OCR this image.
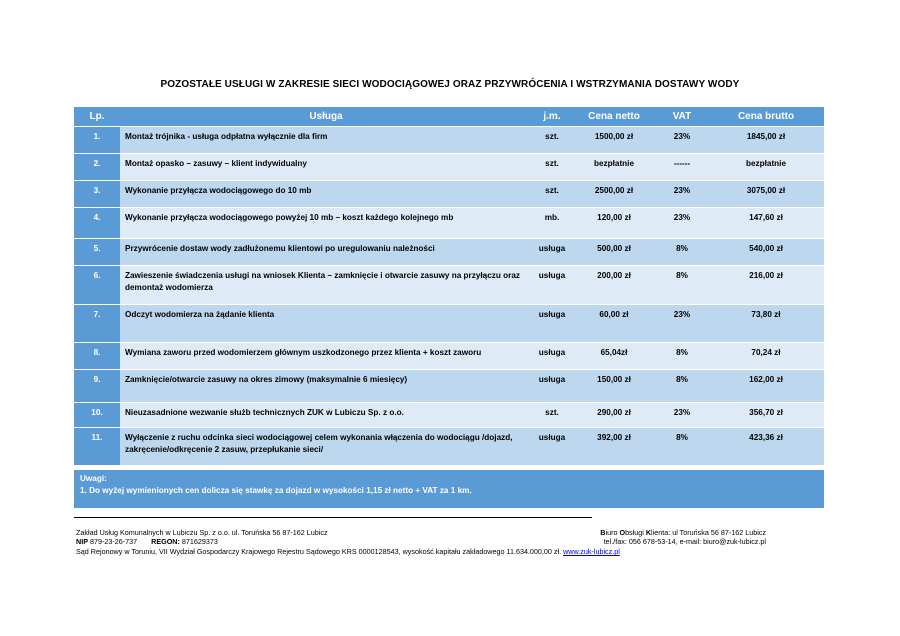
POZOSTAŁE USŁUGI W ZAKRESIE SIECI WODOCIĄGOWEJ ORAZ PRZYWRÓCENIA I WSTRZYMANIA DOSTAWY WODY
Lp.	Usługa	j.m.	Cena netto	VAT	Cena brutto
1.	Montaż trójnika - usługa odpłatna wyłącznie dla firm	szt.	1500,00 zł	23%	1845,00 zł
2.	Montaż opasko – zasuwy – klient indywidualny	szt.	bezpłatnie	------	bezpłatnie
3.	Wykonanie przyłącza wodociągowego do 10 mb	szt.	2500,00 zł	23%	3075,00 zł
4.	Wykonanie przyłącza wodociągowego powyżej 10 mb – koszt każdego kolejnego mb	mb.	120,00 zł	23%	147,60 zł
5.	Przywrócenie dostaw wody zadłużonemu klientowi po uregulowaniu należności	usługa	500,00 zł	8%	540,00 zł
6.	Zawieszenie świadczenia usługi na wniosek Klienta – zamknięcie i otwarcie zasuwy na przyłączu oraz demontaż wodomierza	usługa	200,00 zł	8%	216,00 zł
7.	Odczyt wodomierza na żądanie klienta	usługa	60,00 zł	23%	73,80 zł
8.	Wymiana zaworu przed wodomierzem głównym uszkodzonego przez klienta + koszt zaworu	usługa	65,04zł	8%	70,24 zł
9.	Zamknięcie/otwarcie zasuwy na okres zimowy (maksymalnie 6 miesięcy)	usługa	150,00 zł	8%	162,00 zł
10.	Nieuzasadnione wezwanie służb technicznych ZUK w Lubiczu Sp. z o.o.	szt.	290,00 zł	23%	356,70 zł
11.	Wyłączenie z ruchu odcinka sieci wodociągowej celem wykonania włączenia do wodociągu /dojazd, zakręcenie/odkręcenie 2 zasuw, przepłukanie sieci/	usługa	392,00 zł	8%	423,36 zł
Uwagi:
1. Do wyżej wymienionych cen dolicza się stawkę za dojazd w wysokości 1,15 zł netto + VAT za 1 km.
Zakład Usług Komunalnych w Lubiczu Sp. z o.o. ul. Toruńska 56 87-162 Lubicz
NIP 879-23-26-737 REGON: 871629373
Sąd Rejonowy w Toruniu, VII Wydział Gospodarczy Krajowego Rejestru Sądowego KRS 0000128543, wysokość kapitału zakładowego 11.634.000,00 zł. www.zuk-lubicz.pl
Biuro Obsługi Klienta: ul Toruńska 56 87-162 Lubicz
tel./fax: 056 678-53-14, e-mail: biuro@zuk-lubicz.pl
